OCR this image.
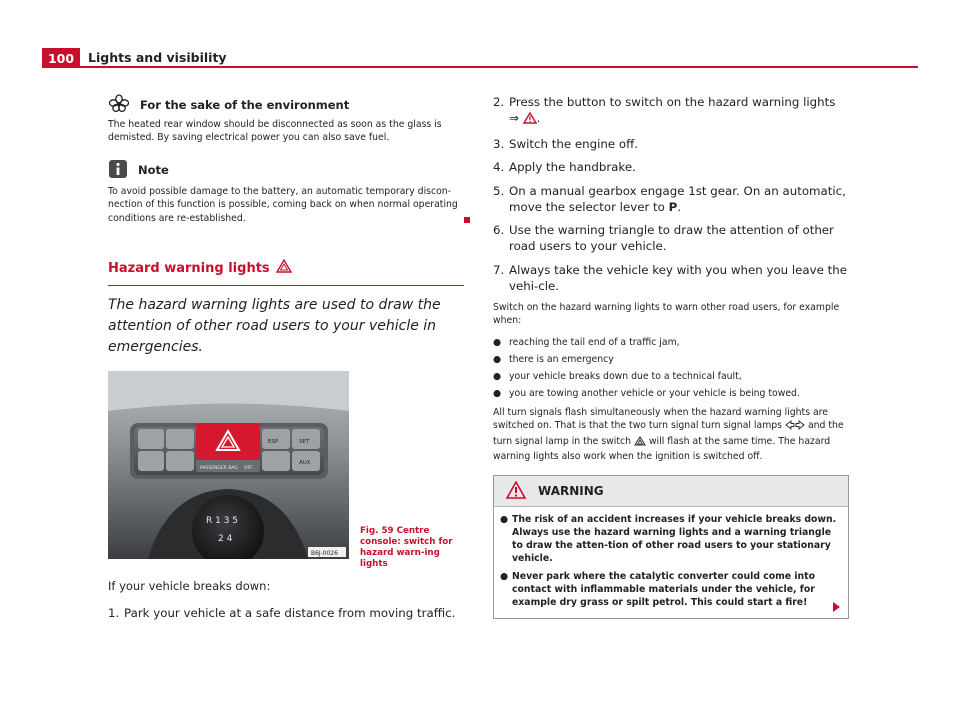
100	Lights and visibility
For the sake of the environment
The heated rear window should be disconnected as soon as the glass is demisted. By saving electrical power you can also save fuel.
Note
To avoid possible damage to the battery, an automatic temporary discon-nection of this function is possible, coming back on when normal operating conditions are re-established.
Hazard warning lights
The hazard warning lights are used to draw the attention of other road users to your vehicle in emergencies.
PASSENGER BAG OFF
ESP	SET
AUX
R 1 3 5
2 4
B6J-0026
Fig. 59 Centre console: switch for hazard warn-ing lights
If your vehicle breaks down:
1. Park your vehicle at a safe distance from moving traffic.
2. Press the button to switch on the hazard warning lights ⇒ .
3. Switch the engine off.
4. Apply the handbrake.
5. On a manual gearbox engage 1st gear. On an automatic, move the selector lever to P.
6. Use the warning triangle to draw the attention of other road users to your vehicle.
7. Always take the vehicle key with you when you leave the vehi-cle.
Switch on the hazard warning lights to warn other road users, for example when:
● reaching the tail end of a traffic jam,
● there is an emergency
● your vehicle breaks down due to a technical fault,
● you are towing another vehicle or your vehicle is being towed.
All turn signals flash simultaneously when the hazard warning lights are switched on. That is that the two turn signal turn signal lamps  and the turn signal lamp in the switch  will flash at the same time. The hazard warning lights also work when the ignition is switched off.
WARNING
● The risk of an accident increases if your vehicle breaks down. Always use the hazard warning lights and a warning triangle to draw the atten-tion of other road users to your stationary vehicle.
● Never park where the catalytic converter could come into contact with inflammable materials under the vehicle, for example dry grass or spilt petrol. This could start a fire!
